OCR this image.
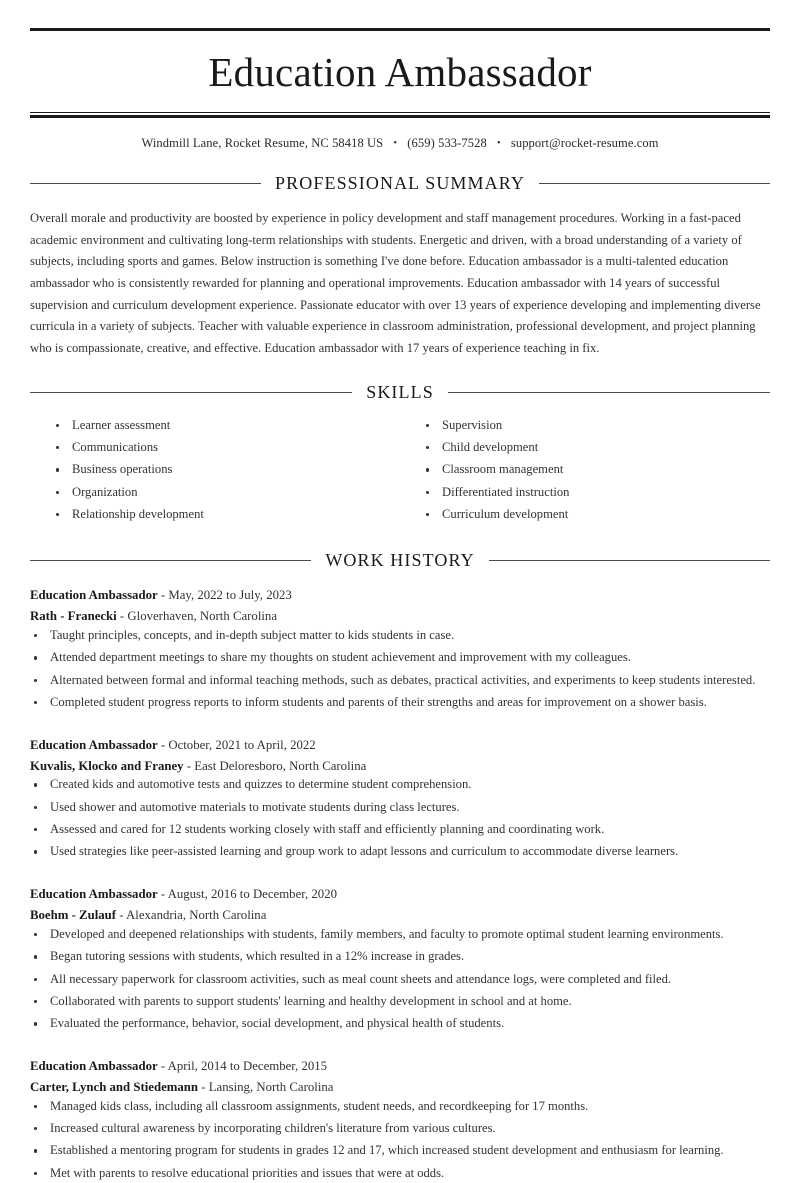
Education Ambassador
Windmill Lane, Rocket Resume, NC 58418 US • (659) 533-7528 • support@rocket-resume.com
PROFESSIONAL SUMMARY

Overall morale and productivity are boosted by experience in policy development and staff management procedures. Working in a fast-paced academic environment and cultivating long-term relationships with students. Energetic and driven, with a broad understanding of a variety of subjects, including sports and games. Below instruction is something I've done before. Education ambassador is a multi-talented education ambassador who is consistently rewarded for planning and operational improvements. Education ambassador with 14 years of successful supervision and curriculum development experience. Passionate educator with over 13 years of experience developing and implementing diverse curricula in a variety of subjects. Teacher with valuable experience in classroom administration, professional development, and project planning who is compassionate, creative, and effective. Education ambassador with 17 years of experience teaching in fix.

SKILLS
Learner assessment
Communications
Business operations
Organization
Relationship development
Supervision
Child development
Classroom management
Differentiated instruction
Curriculum development
WORK HISTORY
Education Ambassador - May, 2022 to July, 2023
Rath - Franecki - Gloverhaven, North Carolina
Taught principles, concepts, and in-depth subject matter to kids students in case.
Attended department meetings to share my thoughts on student achievement and improvement with my colleagues.
Alternated between formal and informal teaching methods, such as debates, practical activities, and experiments to keep students interested.
Completed student progress reports to inform students and parents of their strengths and areas for improvement on a shower basis.
Education Ambassador - October, 2021 to April, 2022
Kuvalis, Klocko and Franey - East Deloresboro, North Carolina
Created kids and automotive tests and quizzes to determine student comprehension.
Used shower and automotive materials to motivate students during class lectures.
Assessed and cared for 12 students working closely with staff and efficiently planning and coordinating work.
Used strategies like peer-assisted learning and group work to adapt lessons and curriculum to accommodate diverse learners.
Education Ambassador - August, 2016 to December, 2020
Boehm - Zulauf - Alexandria, North Carolina
Developed and deepened relationships with students, family members, and faculty to promote optimal student learning environments.
Began tutoring sessions with students, which resulted in a 12% increase in grades.
All necessary paperwork for classroom activities, such as meal count sheets and attendance logs, were completed and filed.
Collaborated with parents to support students' learning and healthy development in school and at home.
Evaluated the performance, behavior, social development, and physical health of students.
Education Ambassador - April, 2014 to December, 2015
Carter, Lynch and Stiedemann - Lansing, North Carolina
Managed kids class, including all classroom assignments, student needs, and recordkeeping for 17 months.
Increased cultural awareness by incorporating children's literature from various cultures.
Established a mentoring program for students in grades 12 and 17, which increased student development and enthusiasm for learning.
Met with parents to resolve educational priorities and issues that were at odds.
